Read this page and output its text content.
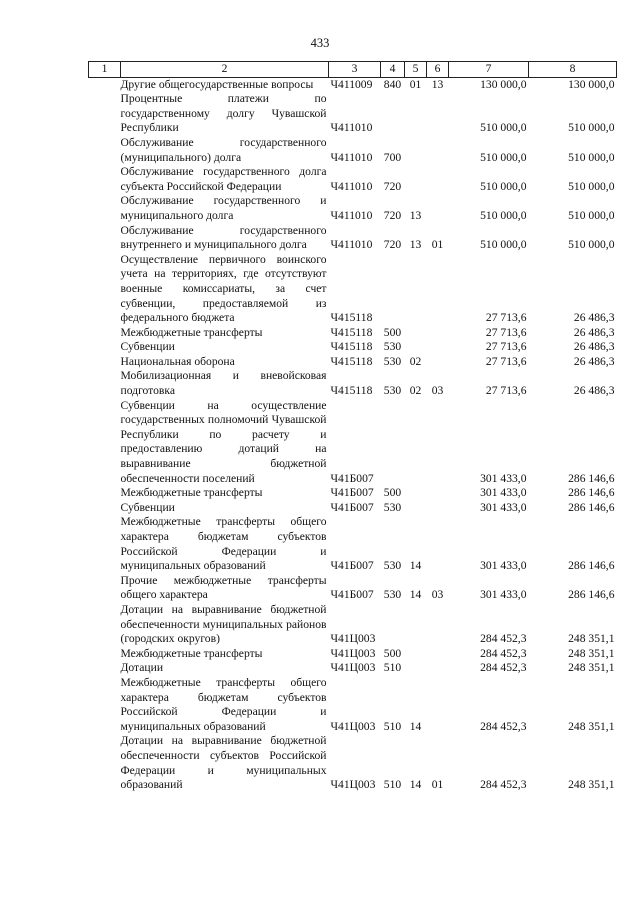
433
1	2	3	4	5	6	7	8
	Другие общегосударственные вопросы	Ч411009	840	01	13	130 000,0	130 000,0
	Процентные платежи по государственному долгу Чувашской Республики	Ч411010				510 000,0	510 000,0
	Обслуживание государственного (муниципального) долга	Ч411010	700			510 000,0	510 000,0
	Обслуживание государственного долга субъекта Российской Федерации	Ч411010	720			510 000,0	510 000,0
	Обслуживание государственного и муниципального долга	Ч411010	720	13		510 000,0	510 000,0
	Обслуживание государственного внутреннего и муниципального долга	Ч411010	720	13	01	510 000,0	510 000,0
	Осуществление первичного воинского учета на территориях, где отсутствуют военные комиссариаты, за счет субвенции, предоставляемой из федерального бюджета	Ч415118				27 713,6	26 486,3
	Межбюджетные трансферты	Ч415118	500			27 713,6	26 486,3
	Субвенции	Ч415118	530			27 713,6	26 486,3
	Национальная оборона	Ч415118	530	02		27 713,6	26 486,3
	Мобилизационная и вневойсковая подготовка	Ч415118	530	02	03	27 713,6	26 486,3
	Субвенции на осуществление государственных полномочий Чувашской Республики по расчету и предоставлению дотаций на выравнивание бюджетной обеспеченности поселений	Ч41Б007				301 433,0	286 146,6
	Межбюджетные трансферты	Ч41Б007	500			301 433,0	286 146,6
	Субвенции	Ч41Б007	530			301 433,0	286 146,6
	Межбюджетные трансферты общего характера бюджетам субъектов Российской Федерации и муниципальных образований	Ч41Б007	530	14		301 433,0	286 146,6
	Прочие межбюджетные трансферты общего характера	Ч41Б007	530	14	03	301 433,0	286 146,6
	Дотации на выравнивание бюджетной обеспеченности муниципальных районов (городских округов)	Ч41Ц003				284 452,3	248 351,1
	Межбюджетные трансферты	Ч41Ц003	500			284 452,3	248 351,1
	Дотации	Ч41Ц003	510			284 452,3	248 351,1
	Межбюджетные трансферты общего характера бюджетам субъектов Российской Федерации и муниципальных образований	Ч41Ц003	510	14		284 452,3	248 351,1
	Дотации на выравнивание бюджетной обеспеченности субъектов Российской Федерации и муниципальных образований	Ч41Ц003	510	14	01	284 452,3	248 351,1
